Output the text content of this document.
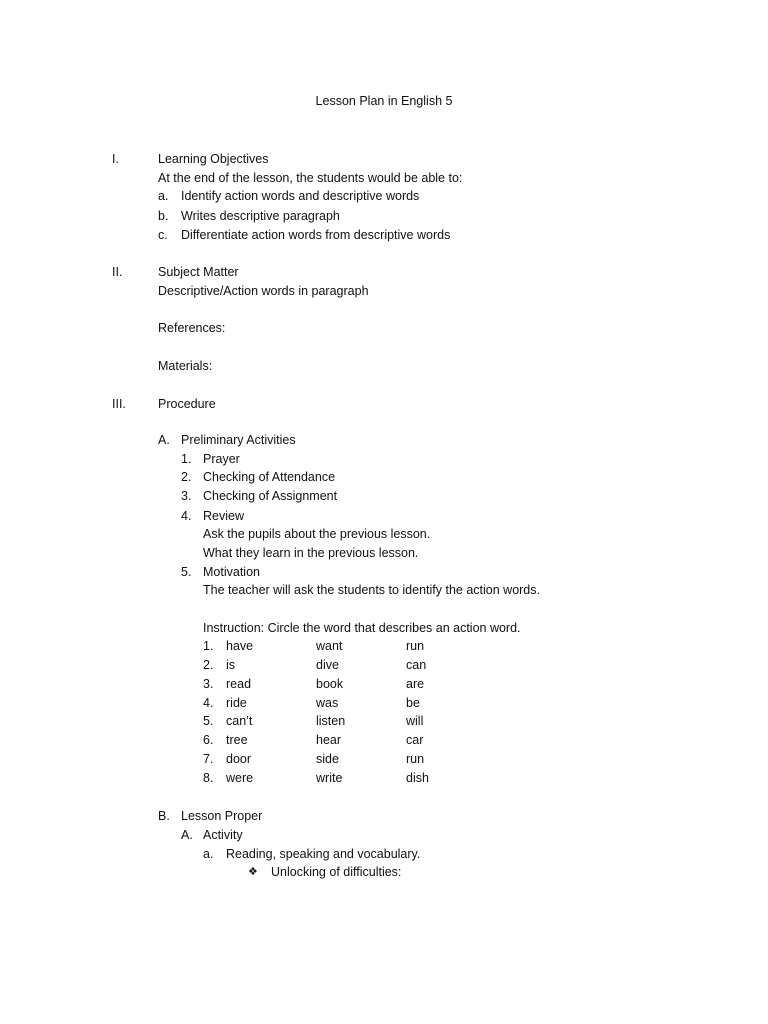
Lesson Plan in English 5
I.	Learning Objectives
At the end of the lesson, the students would be able to:
a. Identify action words and descriptive words
b. Writes descriptive paragraph
c. Differentiate action words from descriptive words
II.	Subject Matter
Descriptive/Action words in paragraph
References:
Materials:
III.	Procedure
A. Preliminary Activities
1. Prayer
2. Checking of Attendance
3. Checking of Assignment
4. Review
Ask the pupils about the previous lesson.
What they learn in the previous lesson.
5. Motivation
The teacher will ask the students to identify the action words.
Instruction: Circle the word that describes an action word.
1. have	want	run
2. is	dive	can
3. read	book	are
4. ride	was	be
5. can’t	listen	will
6. tree	hear	car
7. door	side	run
8. were	write	dish
B. Lesson Proper
A. Activity
a. Reading, speaking and vocabulary.
❖ Unlocking of difficulties:
